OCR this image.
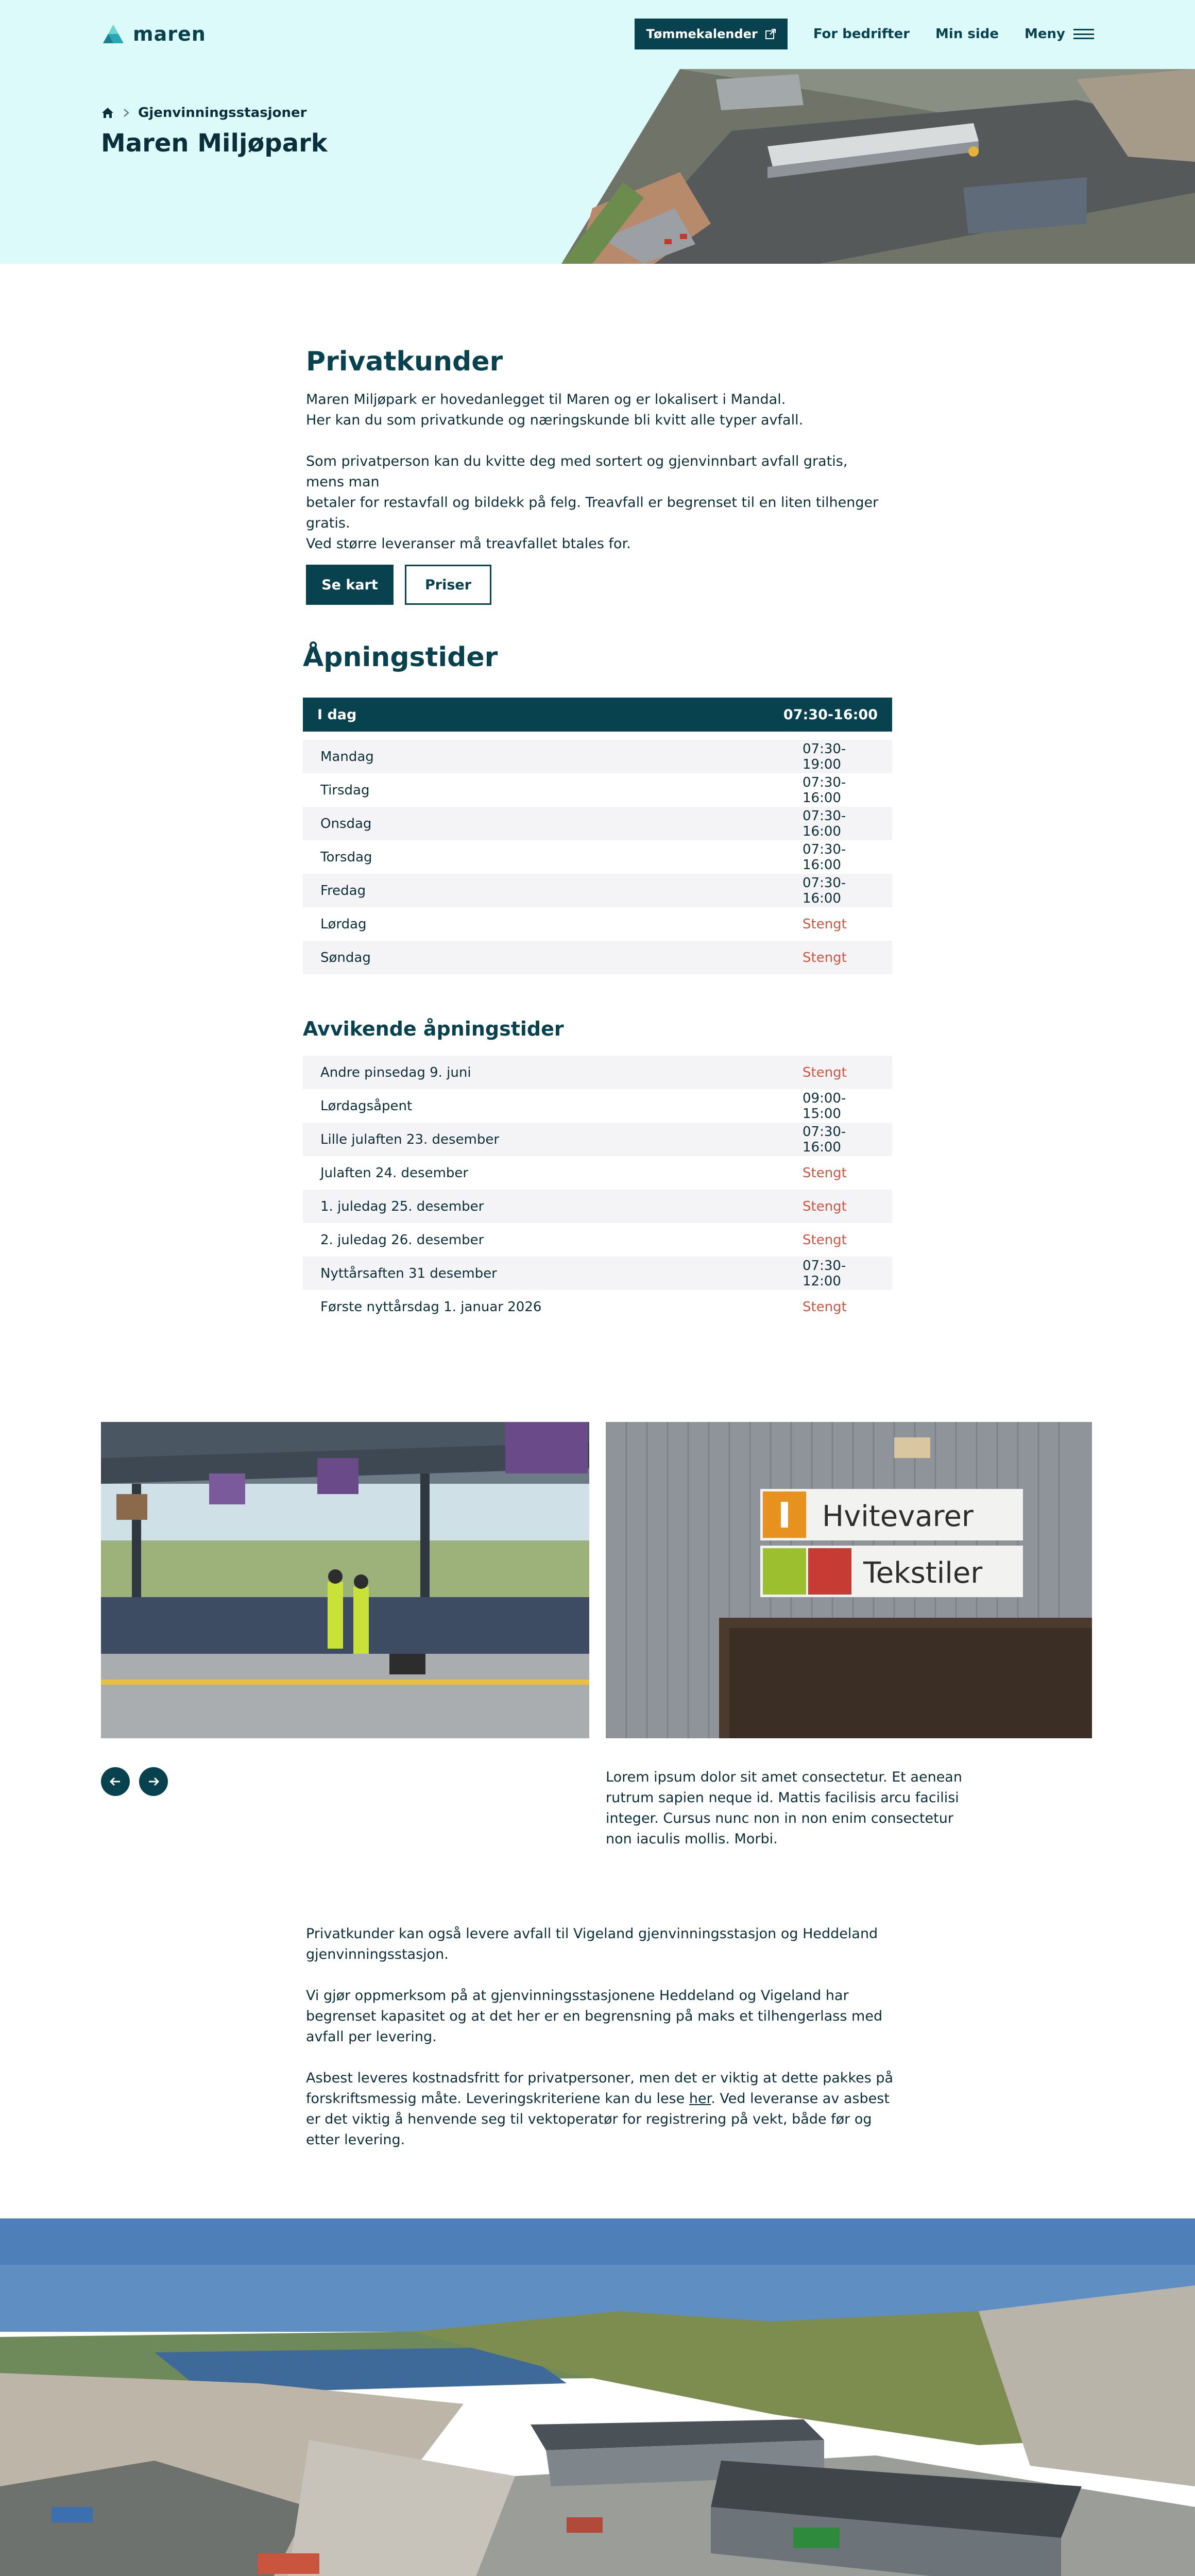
maren	Tømmekalender	For bedrifter Min side Meny
Gjenvinningsstasjoner
Maren Miljøpark
Privatkunder

Maren Miljøpark er hovedanlegget til Maren og er lokalisert i Mandal.

Her kan du som privatkunde og næringskunde bli kvitt alle typer avfall.

Som privatperson kan du kvitte deg med sortert og gjenvinnbart avfall gratis, mens man

betaler for restavfall og bildekk på felg. Treavfall er begrenset til en liten tilhenger gratis.

Ved større leveranser må treavfallet btales for.

Se kart	Priser
Åpningstider
I dag	07:30-16:00
Mandag	07:30-19:00
Tirsdag	07:30-16:00
Onsdag	07:30-16:00
Torsdag	07:30-16:00
Fredag	07:30-16:00
Lørdag	Stengt
Søndag	Stengt
Avvikende åpningstider
Andre pinsedag 9. juni	Stengt
Lørdagsåpent	09:00-15:00
Lille julaften 23. desember	07:30-16:00
Julaften 24. desember	Stengt
1. juledag 25. desember	Stengt
2. juledag 26. desember	Stengt
Nyttårsaften 31 desember	07:30-12:00
Første nyttårsdag 1. januar 2026	Stengt
Hvitevarer
Tekstiler

Lorem ipsum dolor sit amet consectetur. Et aenean rutrum sapien neque id. Mattis facilisis arcu facilisi integer. Cursus nunc non in non enim consectetur non iaculis mollis. Morbi.

Privatkunder kan også levere avfall til Vigeland gjenvinningsstasjon og Heddeland gjenvinningsstasjon.

Vi gjør oppmerksom på at gjenvinningsstasjonene Heddeland og Vigeland har begrenset kapasitet og at det her er en begrensning på maks et tilhengerlass med avfall per levering.

Asbest leveres kostnadsfritt for privatpersoner, men det er viktig at dette pakkes på forskriftsmessig måte. Leveringskriteriene kan du lese her. Ved leveranse av asbest er det viktig å henvende seg til vektoperatør for registrering på vekt, både før og etter levering.
